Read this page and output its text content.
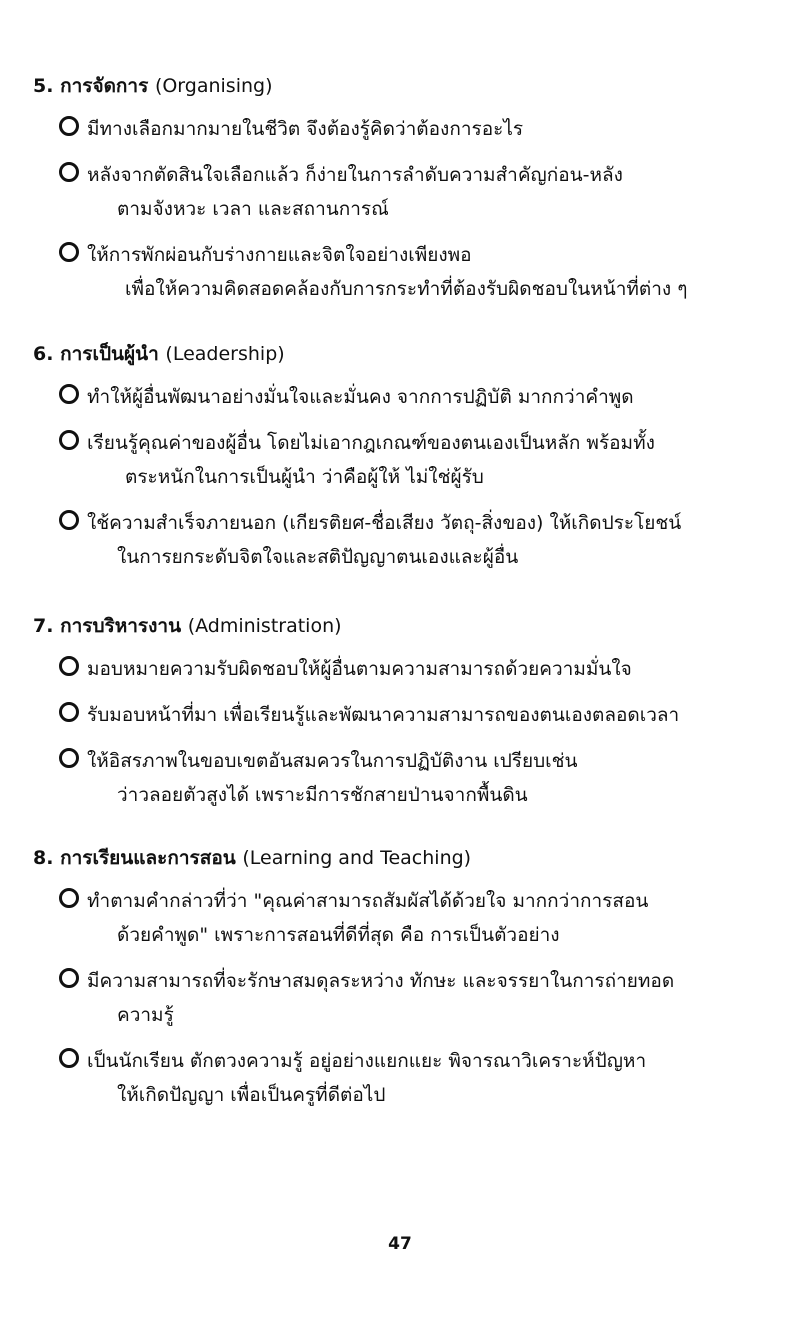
5. การจัดการ (Organising)
มีทางเลือกมากมายในชีวิต จึงต้องรู้คิดว่าต้องการอะไร
หลังจากตัดสินใจเลือกแล้ว ก็ง่ายในการลำดับความสำคัญก่อน-หลัง
ตามจังหวะ เวลา และสถานการณ์
ให้การพักผ่อนกับร่างกายและจิตใจอย่างเพียงพอ
เพื่อให้ความคิดสอดคล้องกับการกระทำที่ต้องรับผิดชอบในหน้าที่ต่าง ๆ
6. การเป็นผู้นำ (Leadership)
ทำให้ผู้อื่นพัฒนาอย่างมั่นใจและมั่นคง จากการปฏิบัติ มากกว่าคำพูด
เรียนรู้คุณค่าของผู้อื่น โดยไม่เอากฎเกณฑ์ของตนเองเป็นหลัก พร้อมทั้ง
ตระหนักในการเป็นผู้นำ ว่าคือผู้ให้ ไม่ใช่ผู้รับ
ใช้ความสำเร็จภายนอก (เกียรติยศ-ชื่อเสียง วัตถุ-สิ่งของ) ให้เกิดประโยชน์
ในการยกระดับจิตใจและสติปัญญาตนเองและผู้อื่น
7. การบริหารงาน (Administration)
มอบหมายความรับผิดชอบให้ผู้อื่นตามความสามารถด้วยความมั่นใจ
รับมอบหน้าที่มา เพื่อเรียนรู้และพัฒนาความสามารถของตนเองตลอดเวลา
ให้อิสรภาพในขอบเขตอันสมควรในการปฏิบัติงาน เปรียบเช่น
ว่าวลอยตัวสูงได้ เพราะมีการชักสายป่านจากพื้นดิน
8. การเรียนและการสอน (Learning and Teaching)
ทำตามคำกล่าวที่ว่า "คุณค่าสามารถสัมผัสได้ด้วยใจ มากกว่าการสอน
ด้วยคำพูด" เพราะการสอนที่ดีที่สุด คือ การเป็นตัวอย่าง
มีความสามารถที่จะรักษาสมดุลระหว่าง ทักษะ และจรรยาในการถ่ายทอด
ความรู้
เป็นนักเรียน ตักตวงความรู้ อยู่อย่างแยกแยะ พิจารณาวิเคราะห์ปัญหา
ให้เกิดปัญญา เพื่อเป็นครูที่ดีต่อไป
47
